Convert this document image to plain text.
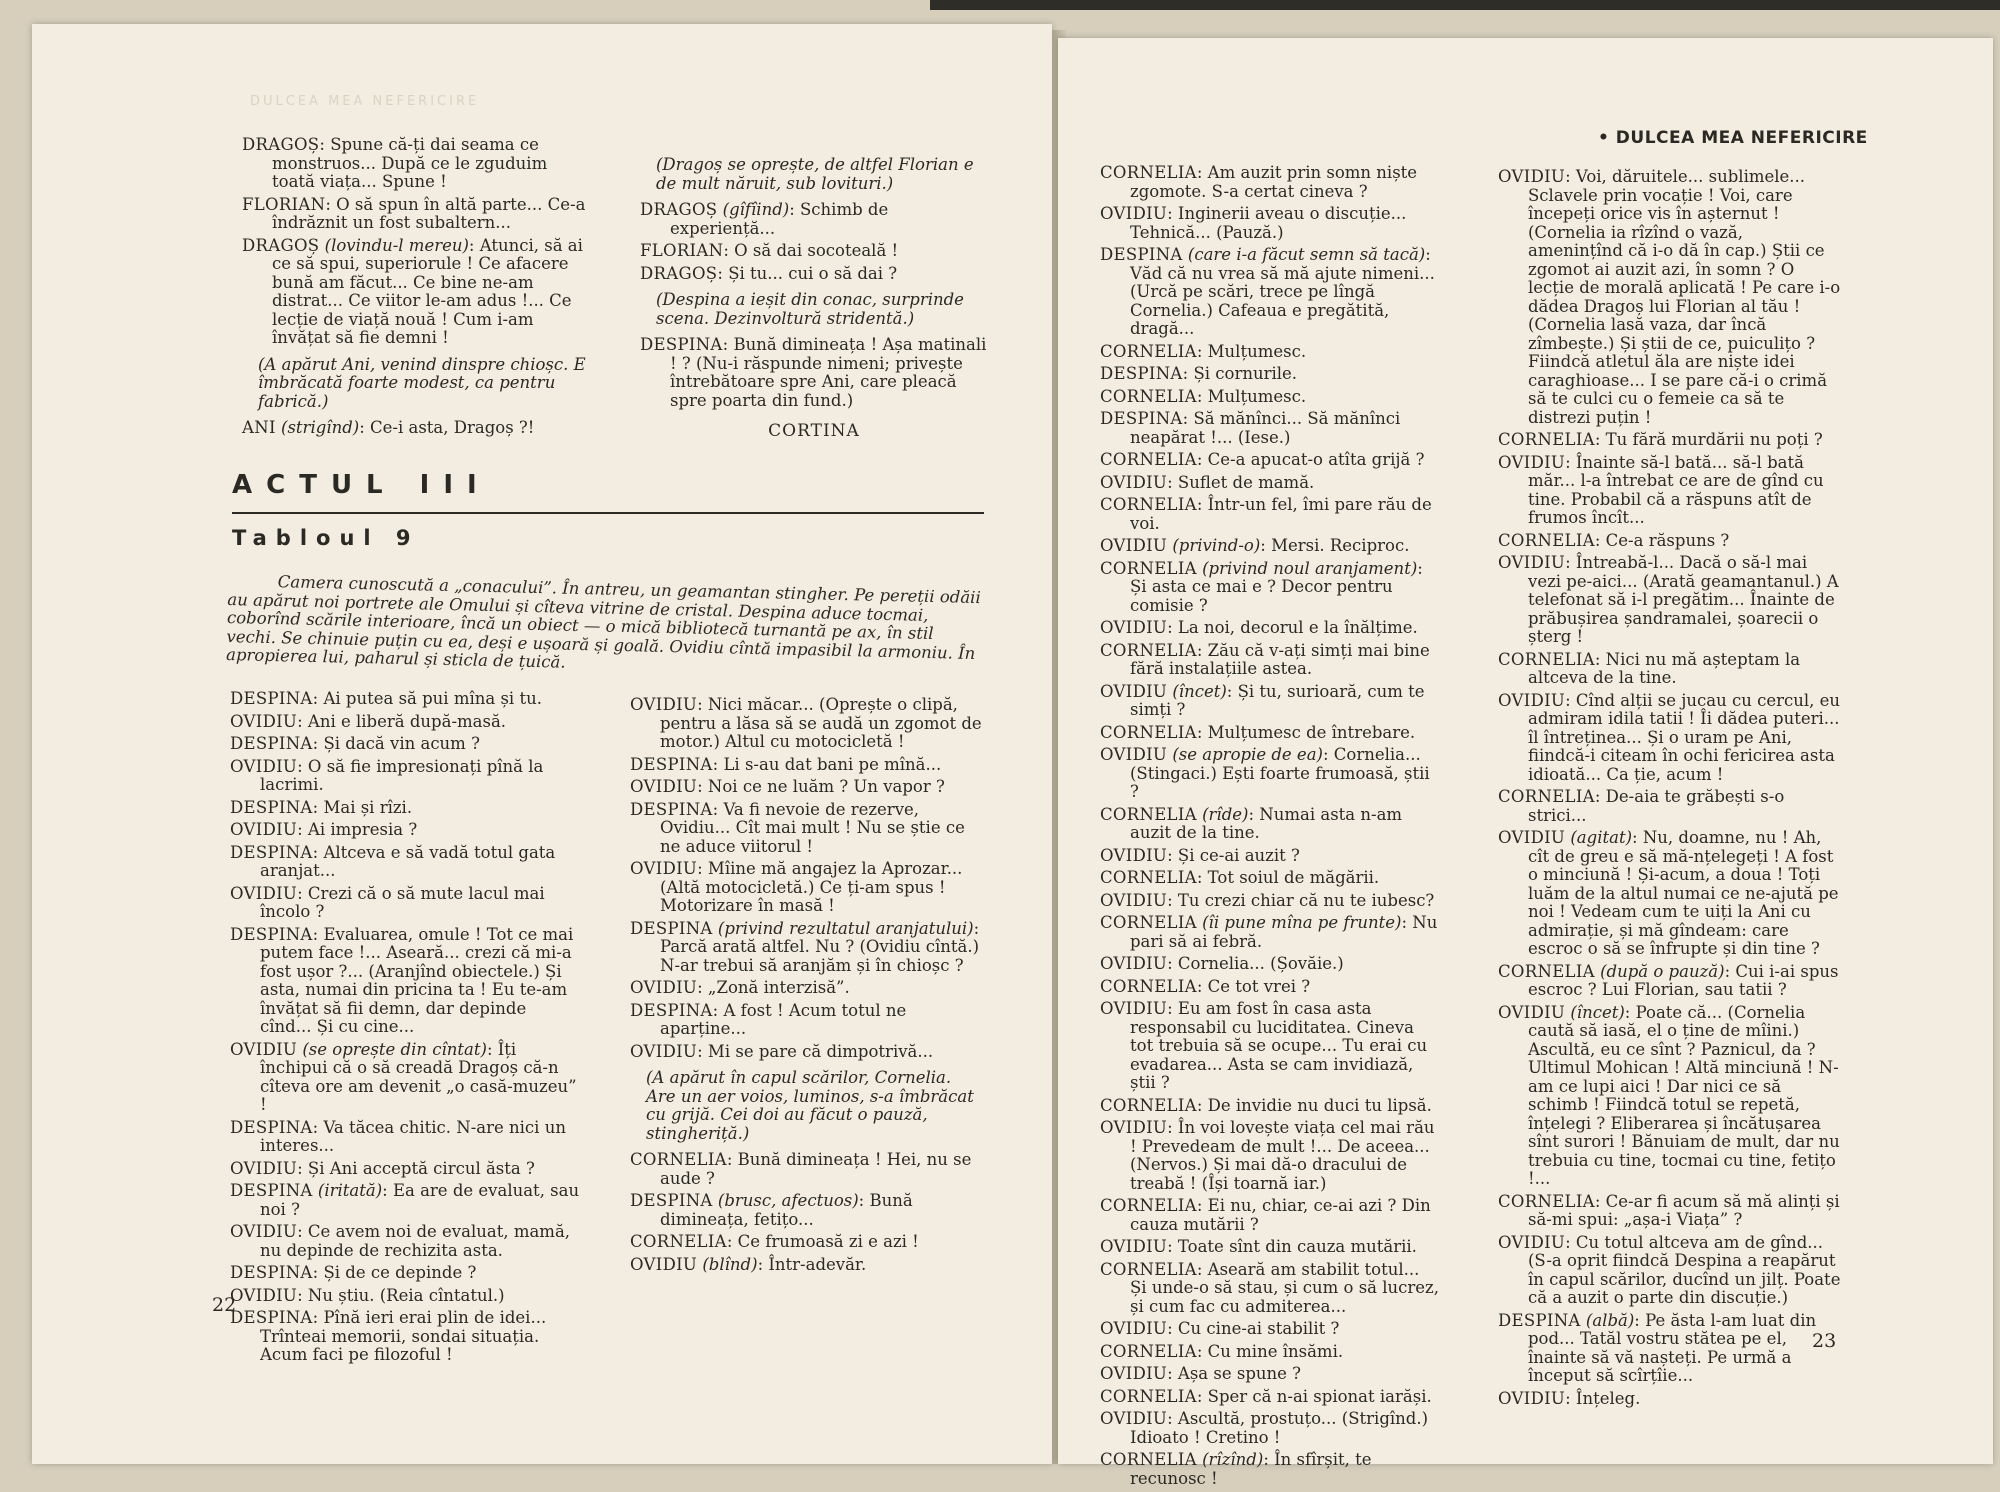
DULCEA MEA NEFERICIRE

DRAGOȘ: Spune că-ți dai seama ce monstruos... După ce le zguduim toată viața... Spune !

FLORIAN: O să spun în altă parte... Ce-a îndrăznit un fost subaltern...

DRAGOȘ (lovindu-l mereu): Atunci, să ai ce să spui, superiorule ! Ce afacere bună am făcut... Ce bine ne-am distrat... Ce viitor le-am adus !... Ce lecție de viață nouă ! Cum i-am învățat să fie demni !

(A apărut Ani, venind dinspre chioșc. E îmbrăcată foarte modest, ca pentru fabrică.)

ANI (strigînd): Ce-i asta, Dragoș ?!

(Dragoș se oprește, de altfel Florian e de mult năruit, sub lovituri.)

DRAGOȘ (gîfîind): Schimb de experiență...

FLORIAN: O să dai socoteală !

DRAGOȘ: Și tu... cui o să dai ?

(Despina a ieșit din conac, surprinde scena. Dezinvoltură stridentă.)

DESPINA: Bună dimineața ! Așa matinali ! ? (Nu-i răspunde nimeni; privește întrebătoare spre Ani, care pleacă spre poarta din fund.)

CORTINA

ACTUL III
Tabloul 9
Camera cunoscută a „conacului”. În antreu, un geamantan stingher. Pe pereții odăii au apărut noi portrete ale Omului și cîteva vitrine de cristal. Despina aduce tocmai, coborînd scările interioare, încă un obiect — o mică bibliotecă turnantă pe ax, în stil vechi. Se chinuie puțin cu ea, deși e ușoară și goală. Ovidiu cîntă impasibil la armoniu. În apropierea lui, paharul și sticla de țuică.

DESPINA: Ai putea să pui mîna și tu.

OVIDIU: Ani e liberă după-masă.

DESPINA: Și dacă vin acum ?

OVIDIU: O să fie impresionați pînă la lacrimi.

DESPINA: Mai și rîzi.

OVIDIU: Ai impresia ?

DESPINA: Altceva e să vadă totul gata aranjat...

OVIDIU: Crezi că o să mute lacul mai încolo ?

DESPINA: Evaluarea, omule ! Tot ce mai putem face !... Aseară... crezi că mi-a fost ușor ?... (Aranjînd obiectele.) Și asta, numai din pricina ta ! Eu te-am învățat să fii demn, dar depinde cînd... Și cu cine...

OVIDIU (se oprește din cîntat): Îți închipui că o să creadă Dragoș că-n cîteva ore am devenit „o casă-muzeu” !

DESPINA: Va tăcea chitic. N-are nici un interes...

OVIDIU: Și Ani acceptă circul ăsta ?

DESPINA (iritată): Ea are de evaluat, sau noi ?

OVIDIU: Ce avem noi de evaluat, mamă, nu depinde de rechizita asta.

DESPINA: Și de ce depinde ?

OVIDIU: Nu știu. (Reia cîntatul.)

DESPINA: Pînă ieri erai plin de idei... Trînteai memorii, sondai situația. Acum faci pe filozoful !

OVIDIU: Nici măcar... (Oprește o clipă, pentru a lăsa să se audă un zgomot de motor.) Altul cu motocicletă !

DESPINA: Li s-au dat bani pe mînă...

OVIDIU: Noi ce ne luăm ? Un vapor ?

DESPINA: Va fi nevoie de rezerve, Ovidiu... Cît mai mult ! Nu se știe ce ne aduce viitorul !

OVIDIU: Mîine mă angajez la Aprozar... (Altă motocicletă.) Ce ți-am spus ! Motorizare în masă !

DESPINA (privind rezultatul aranjatului): Parcă arată altfel. Nu ? (Ovidiu cîntă.) N-ar trebui să aranjăm și în chioșc ?

OVIDIU: „Zonă interzisă”.

DESPINA: A fost ! Acum totul ne aparține...

OVIDIU: Mi se pare că dimpotrivă...

(A apărut în capul scărilor, Cornelia. Are un aer voios, luminos, s-a îmbrăcat cu grijă. Cei doi au făcut o pauză, stingheriță.)

CORNELIA: Bună dimineața ! Hei, nu se aude ?

DESPINA (brusc, afectuos): Bună dimineața, fetițo...

CORNELIA: Ce frumoasă zi e azi !

OVIDIU (blînd): Într-adevăr.

22
• DULCEA MEA NEFERICIRE

CORNELIA: Am auzit prin somn niște zgomote. S-a certat cineva ?

OVIDIU: Inginerii aveau o discuție... Tehnică... (Pauză.)

DESPINA (care i-a făcut semn să tacă): Văd că nu vrea să mă ajute nimeni... (Urcă pe scări, trece pe lîngă Cornelia.) Cafeaua e pregătită, dragă...

CORNELIA: Mulțumesc.

DESPINA: Și cornurile.

CORNELIA: Mulțumesc.

DESPINA: Să mănînci... Să mănînci neapărat !... (Iese.)

CORNELIA: Ce-a apucat-o atîta grijă ?

OVIDIU: Suflet de mamă.

CORNELIA: Într-un fel, îmi pare rău de voi.

OVIDIU (privind-o): Mersi. Reciproc.

CORNELIA (privind noul aranjament): Și asta ce mai e ? Decor pentru comisie ?

OVIDIU: La noi, decorul e la înălțime.

CORNELIA: Zău că v-ați simți mai bine fără instalațiile astea.

OVIDIU (încet): Și tu, surioară, cum te simți ?

CORNELIA: Mulțumesc de întrebare.

OVIDIU (se apropie de ea): Cornelia... (Stingaci.) Ești foarte frumoasă, știi ?

CORNELIA (rîde): Numai asta n-am auzit de la tine.

OVIDIU: Și ce-ai auzit ?

CORNELIA: Tot soiul de măgării.

OVIDIU: Tu crezi chiar că nu te iubesc?

CORNELIA (îi pune mîna pe frunte): Nu pari să ai febră.

OVIDIU: Cornelia... (Șovăie.)

CORNELIA: Ce tot vrei ?

OVIDIU: Eu am fost în casa asta responsabil cu luciditatea. Cineva tot trebuia să se ocupe... Tu erai cu evadarea... Asta se cam invidiază, știi ?

CORNELIA: De invidie nu duci tu lipsă.

OVIDIU: În voi lovește viața cel mai rău ! Prevedeam de mult !... De aceea... (Nervos.) Și mai dă-o dracului de treabă ! (Își toarnă iar.)

CORNELIA: Ei nu, chiar, ce-ai azi ? Din cauza mutării ?

OVIDIU: Toate sînt din cauza mutării.

CORNELIA: Aseară am stabilit totul... Și unde-o să stau, și cum o să lucrez, și cum fac cu admiterea...

OVIDIU: Cu cine-ai stabilit ?

CORNELIA: Cu mine însămi.

OVIDIU: Așa se spune ?

CORNELIA: Sper că n-ai spionat iarăși.

OVIDIU: Ascultă, prostuțo... (Strigînd.) Idioato ! Cretino !

CORNELIA (rîzînd): În sfîrșit, te recunosc !

OVIDIU: Voi, dăruitele... sublimele... Sclavele prin vocație ! Voi, care începeți orice vis în așternut ! (Cornelia ia rîzînd o vază, amenințînd că i-o dă în cap.) Știi ce zgomot ai auzit azi, în somn ? O lecție de morală aplicată ! Pe care i-o dădea Dragoș lui Florian al tău ! (Cornelia lasă vaza, dar încă zîmbește.) Și știi de ce, puiculițo ? Fiindcă atletul ăla are niște idei caraghioase... I se pare că-i o crimă să te culci cu o femeie ca să te distrezi puțin !

CORNELIA: Tu fără murdării nu poți ?

OVIDIU: Înainte să-l bată... să-l bată măr... l-a întrebat ce are de gînd cu tine. Probabil că a răspuns atît de frumos încît...

CORNELIA: Ce-a răspuns ?

OVIDIU: Întreabă-l... Dacă o să-l mai vezi pe-aici... (Arată geamantanul.) A telefonat să i-l pregătim... Înainte de prăbușirea șandramalei, șoarecii o șterg !

CORNELIA: Nici nu mă așteptam la altceva de la tine.

OVIDIU: Cînd alții se jucau cu cercul, eu admiram idila tatii ! Îi dădea puteri... îl întreținea... Și o uram pe Ani, fiindcă-i citeam în ochi fericirea asta idioată... Ca ție, acum !

CORNELIA: De-aia te grăbești s-o strici...

OVIDIU (agitat): Nu, doamne, nu ! Ah, cît de greu e să mă-nțelegeți ! A fost o minciună ! Și-acum, a doua ! Toți luăm de la altul numai ce ne-ajută pe noi ! Vedeam cum te uiți la Ani cu admirație, și mă gîndeam: care escroc o să se înfrupte și din tine ?

CORNELIA (după o pauză): Cui i-ai spus escroc ? Lui Florian, sau tatii ?

OVIDIU (încet): Poate că... (Cornelia caută să iasă, el o ține de mîini.) Ascultă, eu ce sînt ? Paznicul, da ? Ultimul Mohican ! Altă minciună ! N-am ce lupi aici ! Dar nici ce să schimb ! Fiindcă totul se repetă, înțelegi ? Eliberarea și încătușarea sînt surori ! Bănuiam de mult, dar nu trebuia cu tine, tocmai cu tine, fetițo !...

CORNELIA: Ce-ar fi acum să mă alinți și să-mi spui: „așa-i Viața” ?

OVIDIU: Cu totul altceva am de gînd... (S-a oprit fiindcă Despina a reapărut în capul scărilor, ducînd un jilț. Poate că a auzit o parte din discuție.)

DESPINA (albă): Pe ăsta l-am luat din pod... Tatăl vostru stătea pe el, înainte să vă nașteți. Pe urmă a început să scîrțîie...

OVIDIU: Înțeleg.

23
